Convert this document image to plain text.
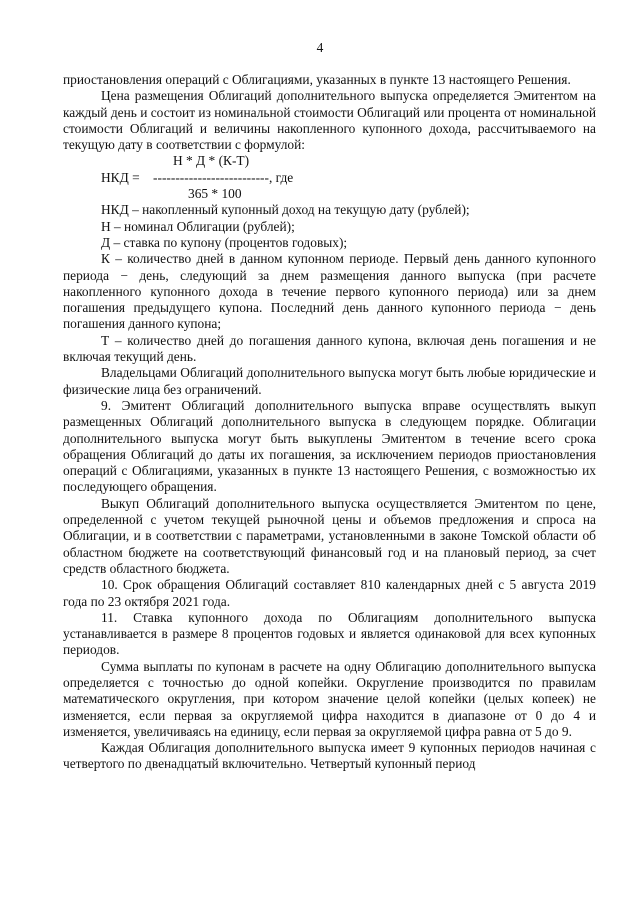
4

приостановления операций с Облигациями, указанных в пункте 13 настоящего Решения.

Цена размещения Облигаций дополнительного выпуска определяется Эмитентом на каждый день и состоит из номинальной стоимости Облигаций или процента от номинальной стоимости Облигаций и величины накопленного купонного дохода, рассчитываемого на текущую дату в соответствии с формулой:

Н * Д * (К-Т)
НКД =    --------------------------, где
365 * 100

НКД – накопленный купонный доход на текущую дату (рублей);

Н – номинал Облигации (рублей);

Д – ставка по купону (процентов годовых);

К – количество дней в данном купонном периоде. Первый день данного купонного периода − день, следующий за днем размещения данного выпуска (при расчете накопленного купонного дохода в течение первого купонного периода) или за днем погашения предыдущего купона. Последний день данного купонного периода − день погашения данного купона;

Т – количество дней до погашения данного купона, включая день погашения и не включая текущий день.

Владельцами Облигаций дополнительного выпуска могут быть любые юридические и физические лица без ограничений.

9. Эмитент Облигаций дополнительного выпуска вправе осуществлять выкуп размещенных Облигаций дополнительного выпуска в следующем порядке. Облигации дополнительного выпуска могут быть выкуплены Эмитентом в течение всего срока обращения Облигаций до даты их погашения, за исключением периодов приостановления операций с Облигациями, указанных в пункте 13 настоящего Решения, с возможностью их последующего обращения.

Выкуп Облигаций дополнительного выпуска осуществляется Эмитентом по цене, определенной с учетом текущей рыночной цены и объемов предложения и спроса на Облигации, и в соответствии с параметрами, установленными в законе Томской области об областном бюджете на соответствующий финансовый год и на плановый период, за счет средств областного бюджета.

10. Срок обращения Облигаций составляет 810 календарных дней с 5 августа 2019 года по 23 октября 2021 года.

11. Ставка купонного дохода по Облигациям дополнительного выпуска устанавливается в размере 8 процентов годовых и является одинаковой для всех купонных периодов.

Сумма выплаты по купонам в расчете на одну Облигацию дополнительного выпуска определяется с точностью до одной копейки. Округление производится по правилам математического округления, при котором значение целой копейки (целых копеек) не изменяется, если первая за округляемой цифра находится в диапазоне от 0 до 4 и изменяется, увеличиваясь на единицу, если первая за округляемой цифра равна от 5 до 9.

Каждая Облигация дополнительного выпуска имеет 9 купонных периодов начиная с четвертого по двенадцатый включительно. Четвертый купонный период
